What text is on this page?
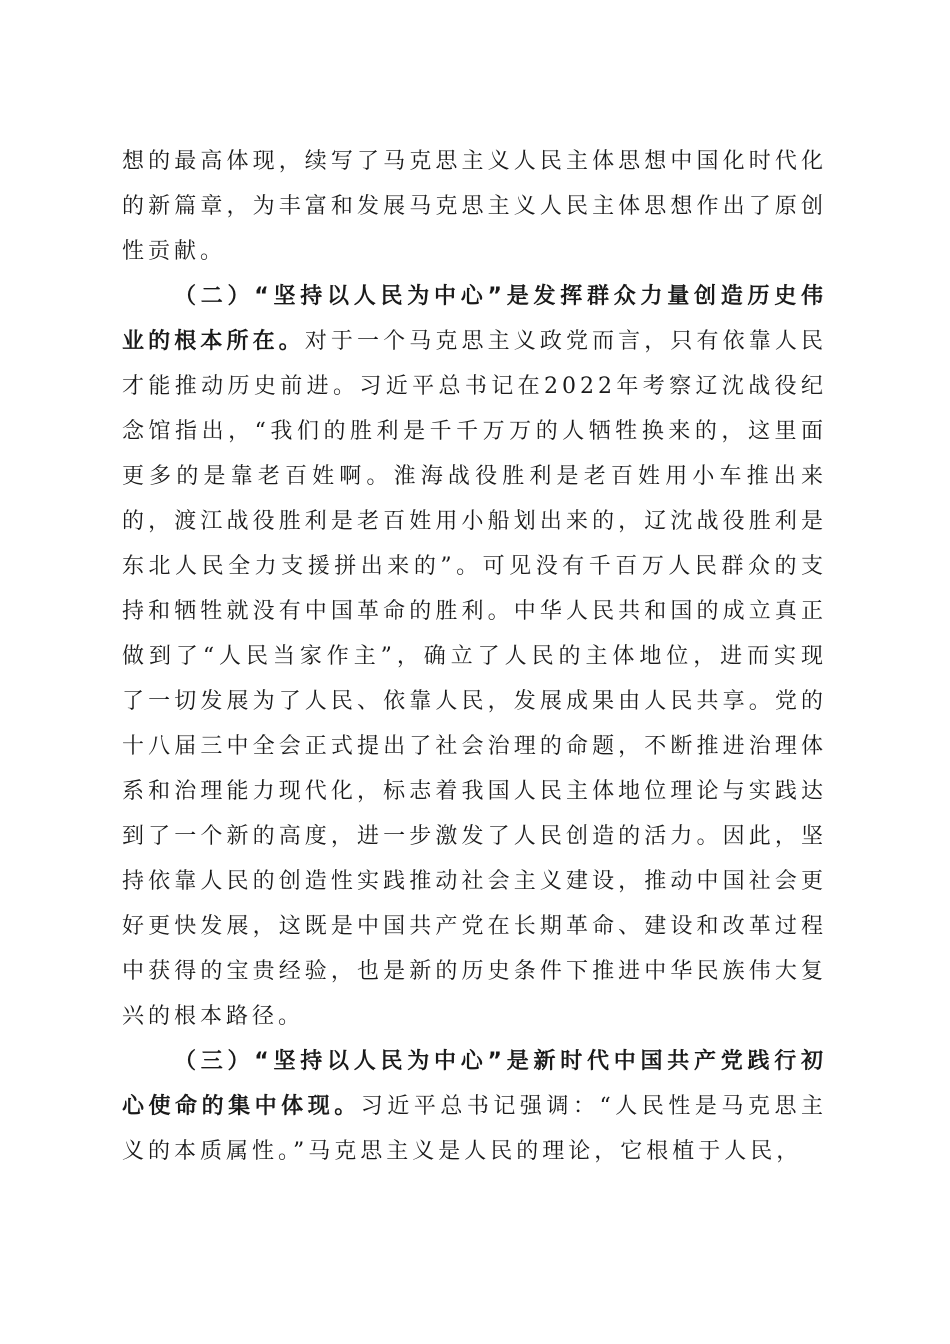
想的最高体现，续写了马克思主义人民主体思想中国化时代化的新篇章，为丰富和发展马克思主义人民主体思想作出了原创性贡献。

（二）“坚持以人民为中心”是发挥群众力量创造历史伟业的根本所在。对于一个马克思主义政党而言，只有依靠人民才能推动历史前进。习近平总书记在2022年考察辽沈战役纪念馆指出，“我们的胜利是千千万万的人牺牲换来的，这里面更多的是靠老百姓啊。淮海战役胜利是老百姓用小车推出来的，渡江战役胜利是老百姓用小船划出来的，辽沈战役胜利是东北人民全力支援拼出来的”。可见没有千百万人民群众的支持和牺牲就没有中国革命的胜利。中华人民共和国的成立真正做到了“人民当家作主”，确立了人民的主体地位，进而实现了一切发展为了人民、依靠人民，发展成果由人民共享。党的十八届三中全会正式提出了社会治理的命题，不断推进治理体系和治理能力现代化，标志着我国人民主体地位理论与实践达到了一个新的高度，进一步激发了人民创造的活力。因此，坚持依靠人民的创造性实践推动社会主义建设，推动中国社会更好更快发展，这既是中国共产党在长期革命、建设和改革过程中获得的宝贵经验，也是新的历史条件下推进中华民族伟大复兴的根本路径。

（三）“坚持以人民为中心”是新时代中国共产党践行初心使命的集中体现。习近平总书记强调：“人民性是马克思主义的本质属性。”马克思主义是人民的理论，它根植于人民，
